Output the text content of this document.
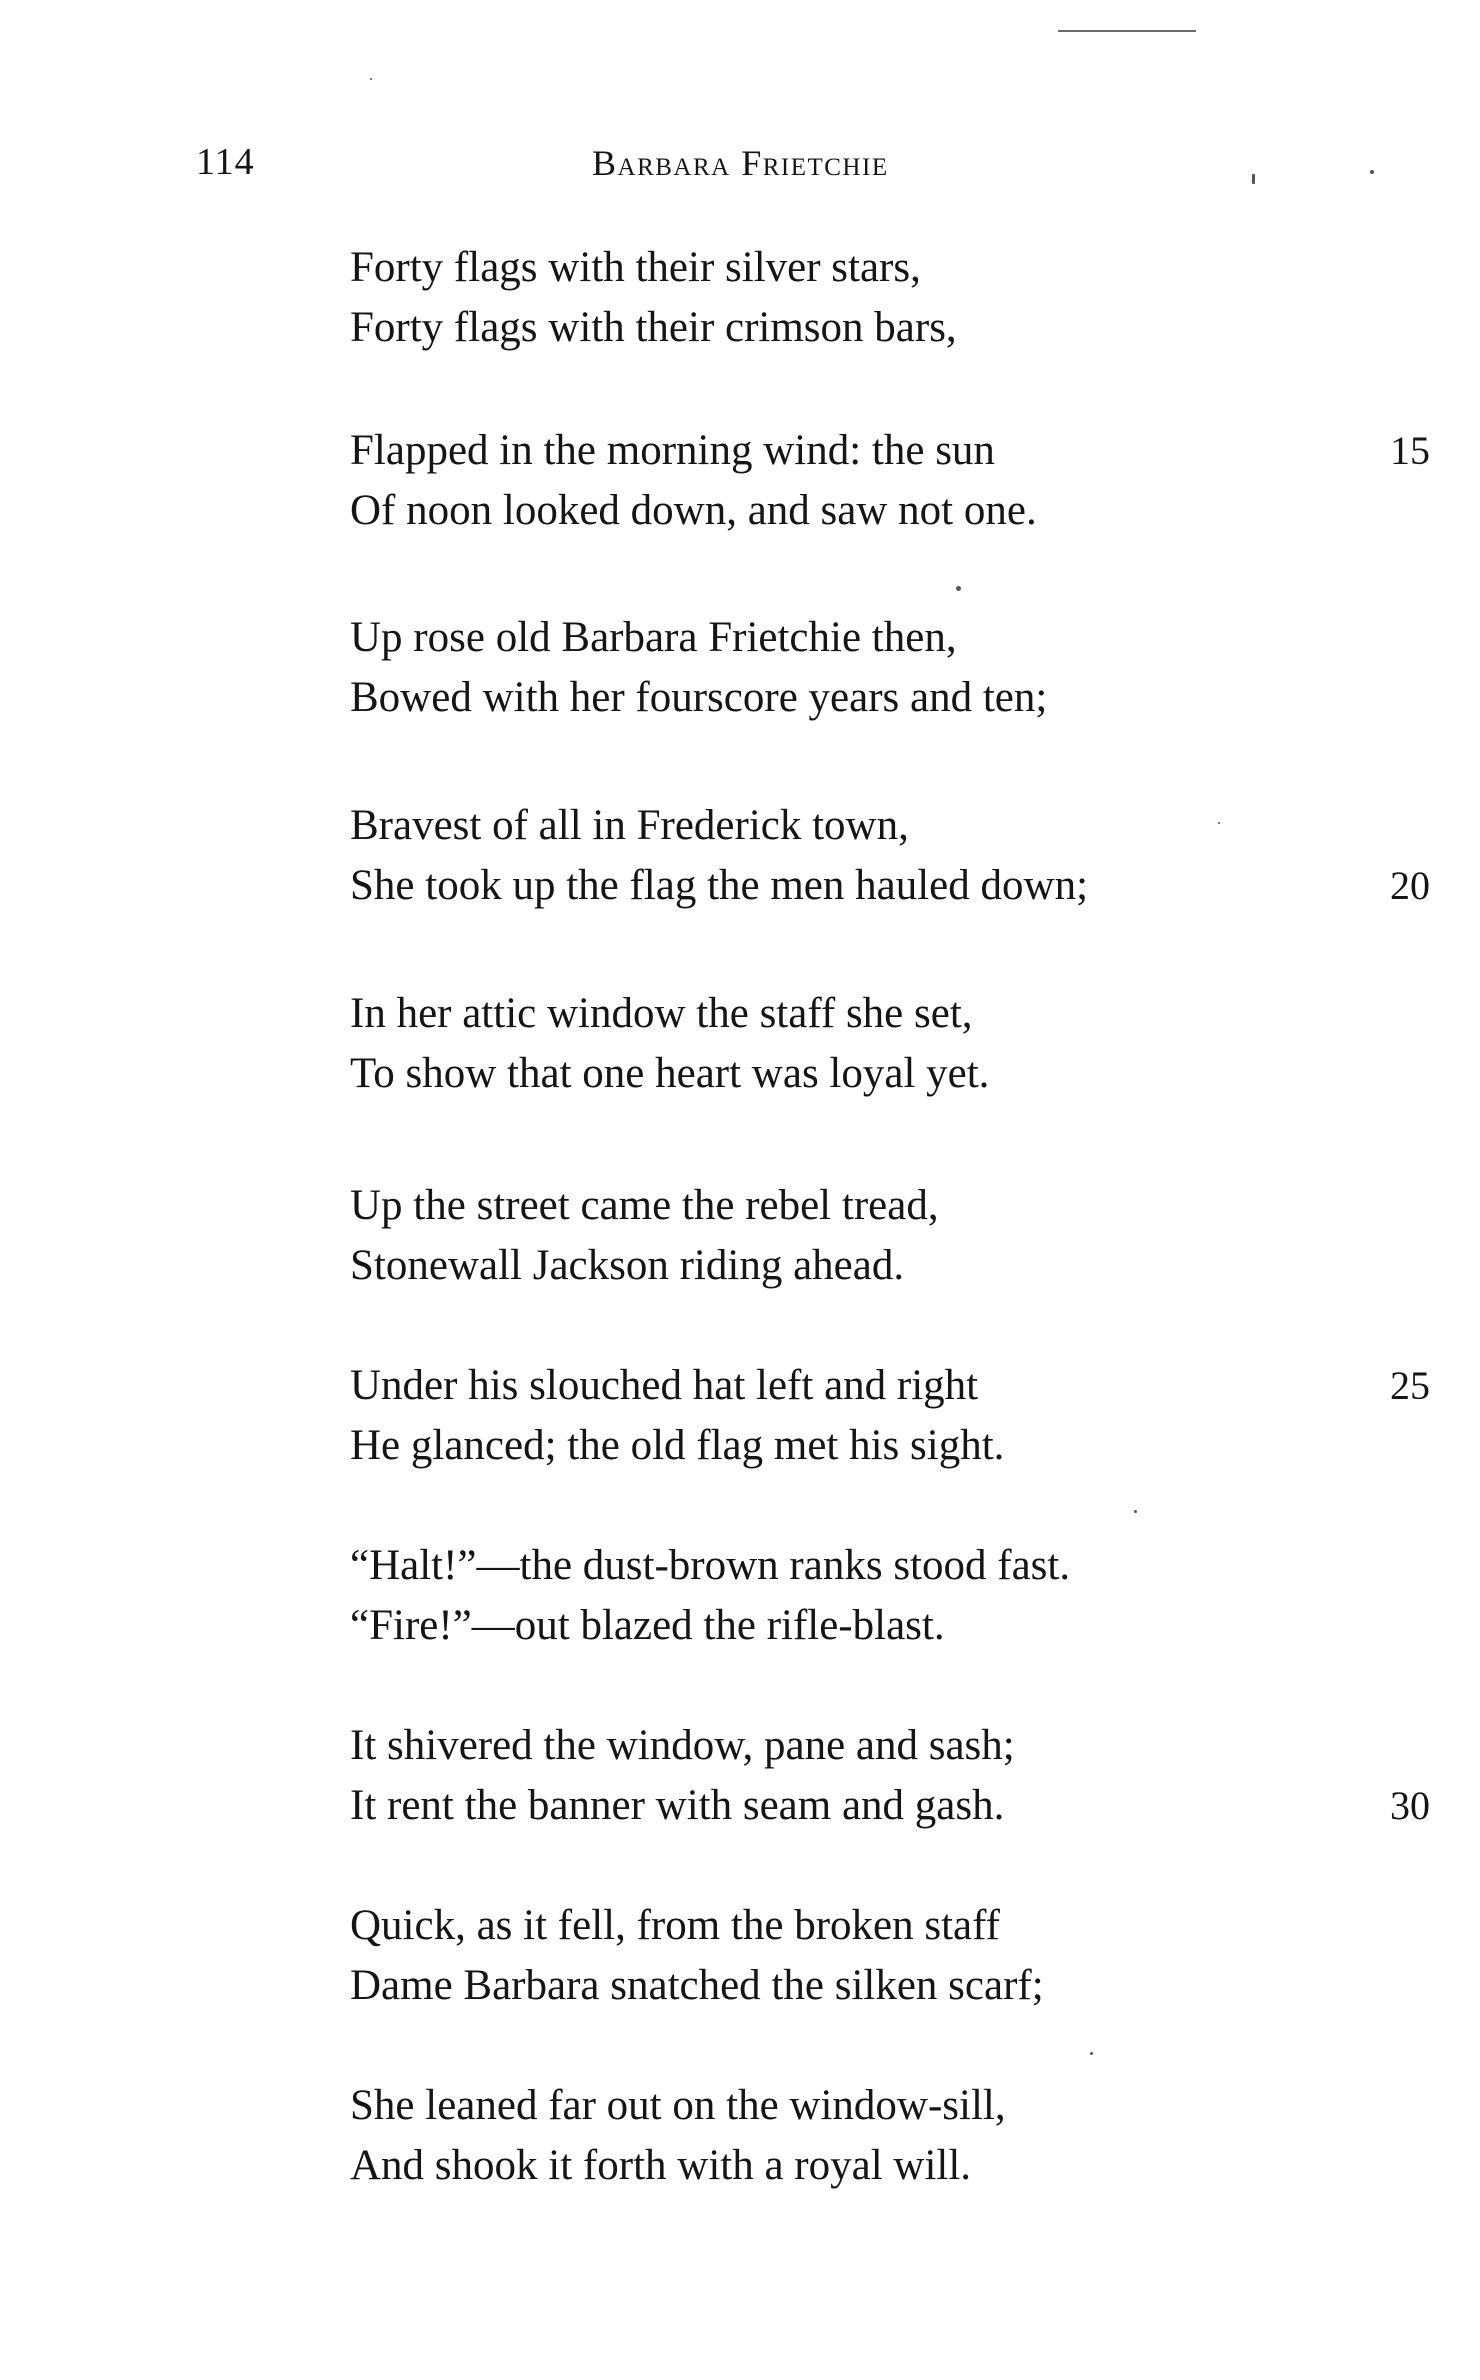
114	Barbara Frietchie
Forty flags with their silver stars,
Forty flags with their crimson bars,
Flapped in the morning wind: the sun	15
Of noon looked down, and saw not one.
Up rose old Barbara Frietchie then,
Bowed with her fourscore years and ten;
Bravest of all in Frederick town,
She took up the flag the men hauled down;	20
In her attic window the staff she set,
To show that one heart was loyal yet.
Up the street came the rebel tread,
Stonewall Jackson riding ahead.
Under his slouched hat left and right	25
He glanced; the old flag met his sight.
“Halt!”—the dust-brown ranks stood fast.
“Fire!”—out blazed the rifle-blast.
It shivered the window, pane and sash;
It rent the banner with seam and gash.	30
Quick, as it fell, from the broken staff
Dame Barbara snatched the silken scarf;
She leaned far out on the window-sill,
And shook it forth with a royal will.
